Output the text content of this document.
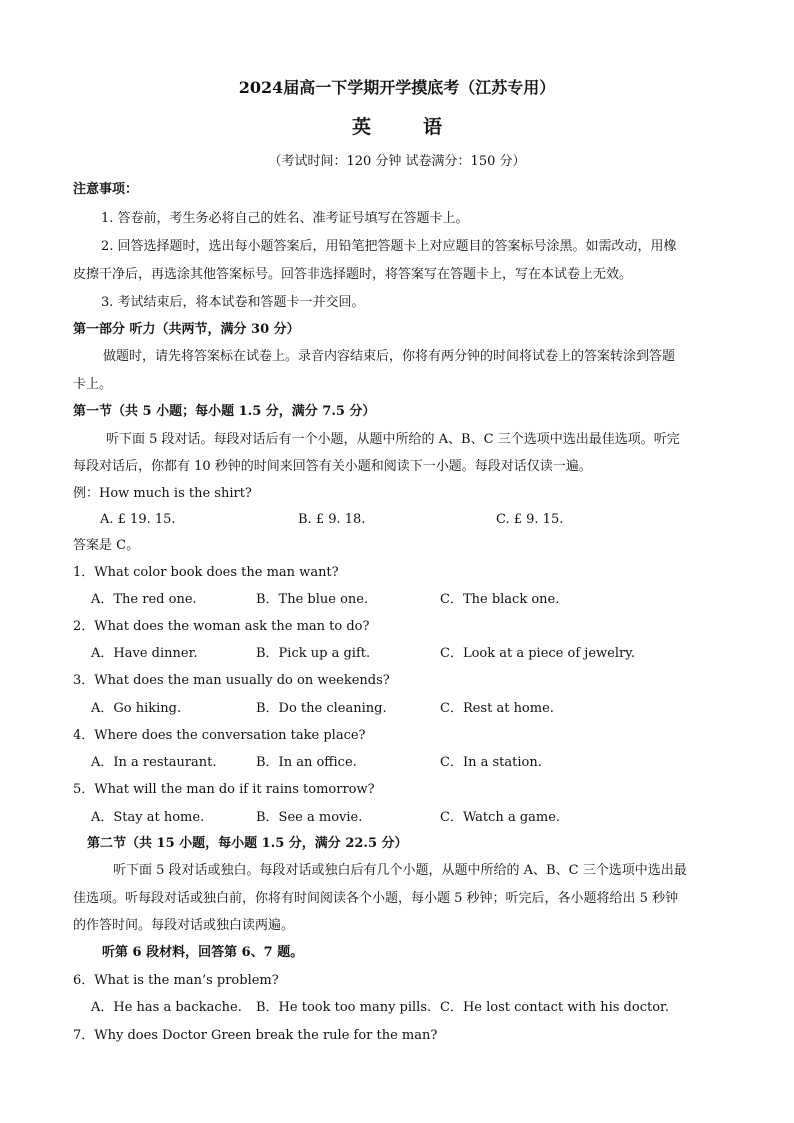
2024届高一下学期开学摸底考（江苏专用）
英	语
（考试时间：120 分钟 试卷满分：150 分）
注意事项：
1. 答卷前，考生务必将自己的姓名、准考证号填写在答题卡上。
2. 回答选择题时，选出每小题答案后，用铅笔把答题卡上对应题目的答案标号涂黑。如需改动，用橡
皮擦干净后，再选涂其他答案标号。回答非选择题时，将答案写在答题卡上，写在本试卷上无效。
3. 考试结束后，将本试卷和答题卡一并交回。
第一部分 听力（共两节，满分 30 分）
做题时，请先将答案标在试卷上。录音内容结束后，你将有两分钟的时间将试卷上的答案转涂到答题
卡上。
第一节（共 5 小题；每小题 1.5 分，满分 7.5 分）
听下面 5 段对话。每段对话后有一个小题，从题中所给的 A、B、C 三个选项中选出最佳选项。听完
每段对话后，你都有 10 秒钟的时间来回答有关小题和阅读下一小题。每段对话仅读一遍。
例：How much is the shirt?
A. £ 19. 15.	B. £ 9. 18.	C. £ 9. 15.
答案是 C。
1．What color book does the man want?
A．The red one.	B．The blue one.	C．The black one.
2．What does the woman ask the man to do?
A．Have dinner.	B．Pick up a gift.	C．Look at a piece of jewelry.
3．What does the man usually do on weekends?
A．Go hiking.	B．Do the cleaning.	C．Rest at home.
4．Where does the conversation take place?
A．In a restaurant.	B．In an office.	C．In a station.
5．What will the man do if it rains tomorrow?
A．Stay at home.	B．See a movie.	C．Watch a game.
第二节（共 15 小题，每小题 1.5 分，满分 22.5 分）
听下面 5 段对话或独白。每段对话或独白后有几个小题，从题中所给的 A、B、C 三个选项中选出最
佳选项。听每段对话或独白前，你将有时间阅读各个小题，每小题 5 秒钟；听完后，各小题将给出 5 秒钟
的作答时间。每段对话或独白读两遍。
听第 6 段材料，回答第 6、7 题。
6．What is the man’s problem?
A．He has a backache. B．He took too many pills. C．He lost contact with his doctor.
7．Why does Doctor Green break the rule for the man?
